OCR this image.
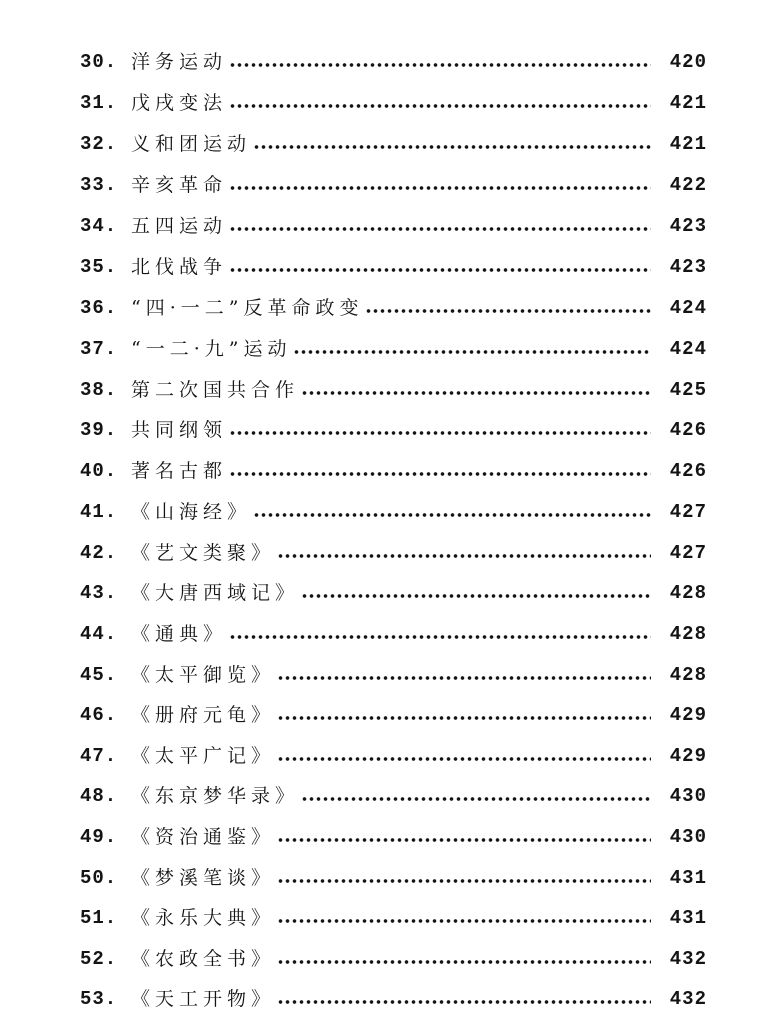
30. 洋务运动	420
31. 戊戌变法	421
32. 义和团运动	421
33. 辛亥革命	422
34. 五四运动	423
35. 北伐战争	423
36. “四·一二”反革命政变	424
37. “一二·九”运动	424
38. 第二次国共合作	425
39. 共同纲领	426
40. 著名古都	426
41. 《山海经》	427
42. 《艺文类聚》	427
43. 《大唐西域记》	428
44. 《通典》	428
45. 《太平御览》	428
46. 《册府元龟》	429
47. 《太平广记》	429
48. 《东京梦华录》	430
49. 《资治通鉴》	430
50. 《梦溪笔谈》	431
51. 《永乐大典》	431
52. 《农政全书》	432
53. 《天工开物》	432
